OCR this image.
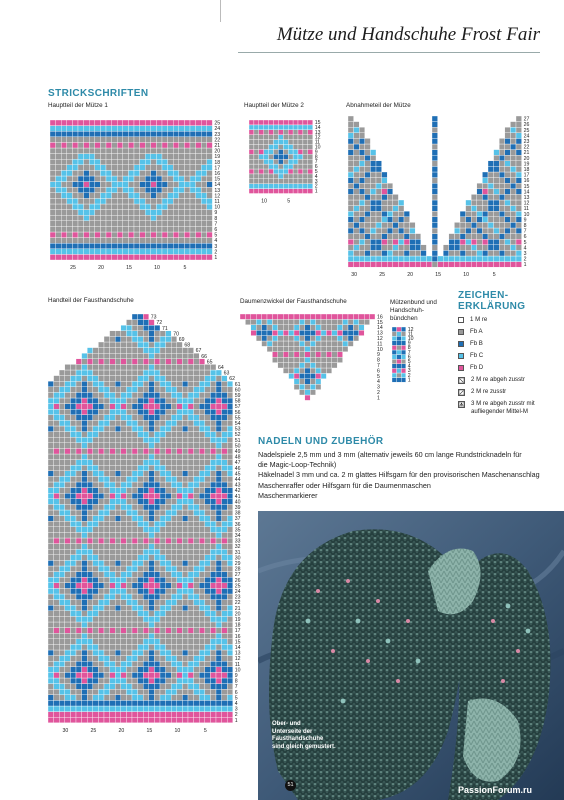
Mütze und Handschuhe Frost Fair
STRICKSCHRIFTEN
Hauptteil der Mütze 1	Hauptteil der Mütze 2	Abnahmeteil der Mütze
Handteil der Fausthandschuhe	Daumenzwickel der Fausthandschuhe	Mützenbund und Handschuh-bündchen
1
2
3
4
5
6
7
8
9
10
11
12
13
14
15
16
17
18
19
20
21
22
23
24
25
25	20	15	10	5
1
2
3
4
5
6
7
8
9
10
11
12
13
14
15
10	5
1
2
3
4
5
6
7
8
9
10
11
12
13
14
15
16
17
18
19
20
21
22
23
24
25
26
27
30	25	20	15	10	5
1
2
3
4
5
6
7
8
9
10
11
12
13
14
15
16
17
18
19
20
21
22
23
24
25
26
27
28
29
30
31
32
33
34
35
36
37
38
39
40
41
42
43
44
45
46
47
48
49
50
51
52
53
54
55
56
57
58
59
60
61
62
63
64
65
66
67
68
69
70
71
72
73
30	25	20	15	10	5
1
2
3
4
5
6
7
8
9
10
11
12
13
14
15
16
1
2
3
4
5
6
7
8
9
10
11
12
ZEICHEN-
ERKLÄRUNG
1 M re
Fb A
Fb B
Fb C
Fb D
2 M re abgeh zusstr
2 M re zusstr
3 M re abgeh zusstr mit aufliegender Mittel-M
NADELN UND ZUBEHÖR

Nadelspiele 2,5 mm und 3 mm (alternativ jeweils 60 cm lange Rundstricknadeln für

die Magic-Loop-Technik)

Häkelnadel 3 mm und ca. 2 m glattes Hilfsgarn für den provisorischen Maschenanschlag

Maschenraffer oder Hilfsgarn für die Daumenmaschen

Maschenmarkierer

Ober- und
Unterseite der
Fausthandschuhe
sind gleich gemustert.
51	PassionForum.ru
